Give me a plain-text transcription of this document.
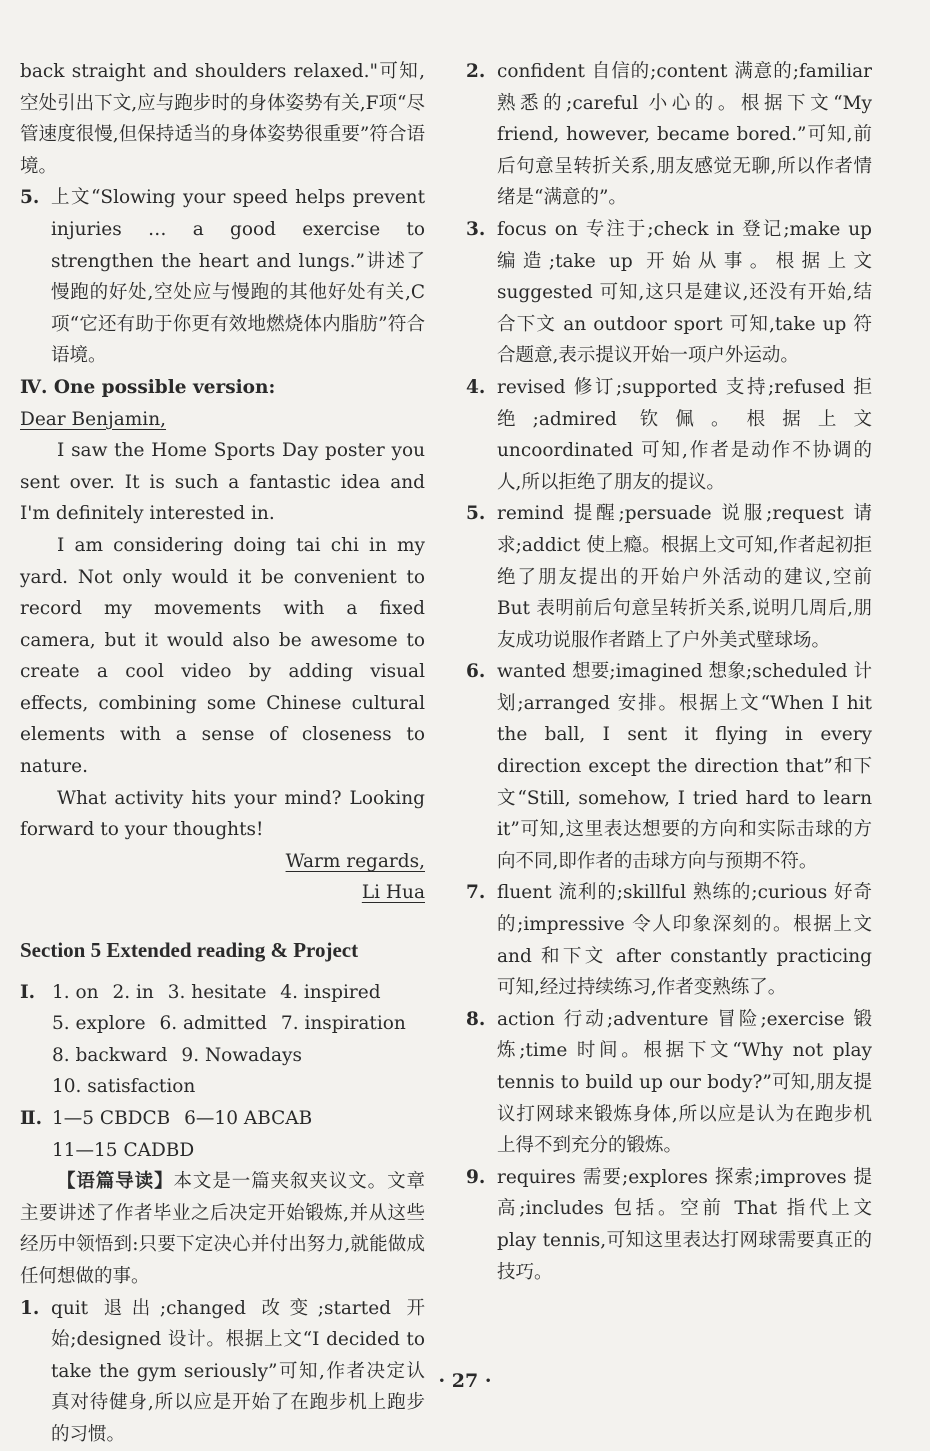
back straight and shoulders relaxed."可知,空处引出下文,应与跑步时的身体姿势有关,F项“尽管速度很慢,但保持适当的身体姿势很重要”符合语境。

5. 上文“Slowing your speed helps prevent injuries … a good exercise to strengthen the heart and lungs.”讲述了慢跑的好处,空处应与慢跑的其他好处有关,C项“它还有助于你更有效地燃烧体内脂肪”符合语境。

Ⅳ. One possible version:

Dear Benjamin,

I saw the Home Sports Day poster you sent over. It is such a fantastic idea and I'm definitely interested in.

I am considering doing tai chi in my yard. Not only would it be convenient to record my movements with a fixed camera, but it would also be awesome to create a cool video by adding visual effects, combining some Chinese cultural elements with a sense of closeness to nature.

What activity hits your mind? Looking forward to your thoughts!

Warm regards,

Li Hua

Section 5 Extended reading & Project
Ⅰ. 1. on 2. in 3. hesitate 4. inspired
5. explore 6. admitted 7. inspiration
8. backward 9. Nowadays 10. satisfaction
Ⅱ. 1—5 CBDCB 6—10 ABCAB 11—15 CADBD

【语篇导读】本文是一篇夹叙夹议文。文章主要讲述了作者毕业之后决定开始锻炼,并从这些经历中领悟到:只要下定决心并付出努力,就能做成任何想做的事。

1. quit 退出;changed 改变;started 开始;designed 设计。根据上文“I decided to take the gym seriously”可知,作者决定认真对待健身,所以应是开始了在跑步机上跑步的习惯。
2. confident 自信的;content 满意的;familiar 熟悉的;careful 小心的。根据下文“My friend, however, became bored.”可知,前后句意呈转折关系,朋友感觉无聊,所以作者情绪是“满意的”。
3. focus on 专注于;check in 登记;make up 编造;take up 开始从事。根据上文 suggested 可知,这只是建议,还没有开始,结合下文 an outdoor sport 可知,take up 符合题意,表示提议开始一项户外运动。
4. revised 修订;supported 支持;refused 拒绝;admired 钦佩。根据上文 uncoordinated 可知,作者是动作不协调的人,所以拒绝了朋友的提议。
5. remind 提醒;persuade 说服;request 请求;addict 使上瘾。根据上文可知,作者起初拒绝了朋友提出的开始户外活动的建议,空前 But 表明前后句意呈转折关系,说明几周后,朋友成功说服作者踏上了户外美式壁球场。
6. wanted 想要;imagined 想象;scheduled 计划;arranged 安排。根据上文“When I hit the ball, I sent it flying in every direction except the direction that”和下文“Still, somehow, I tried hard to learn it”可知,这里表达想要的方向和实际击球的方向不同,即作者的击球方向与预期不符。
7. fluent 流利的;skillful 熟练的;curious 好奇的;impressive 令人印象深刻的。根据上文 and 和下文 after constantly practicing 可知,经过持续练习,作者变熟练了。
8. action 行动;adventure 冒险;exercise 锻炼;time 时间。根据下文“Why not play tennis to build up our body?”可知,朋友提议打网球来锻炼身体,所以应是认为在跑步机上得不到充分的锻炼。
9. requires 需要;explores 探索;improves 提高;includes 包括。空前 That 指代上文 play tennis,可知这里表达打网球需要真正的技巧。
· 27 ·
